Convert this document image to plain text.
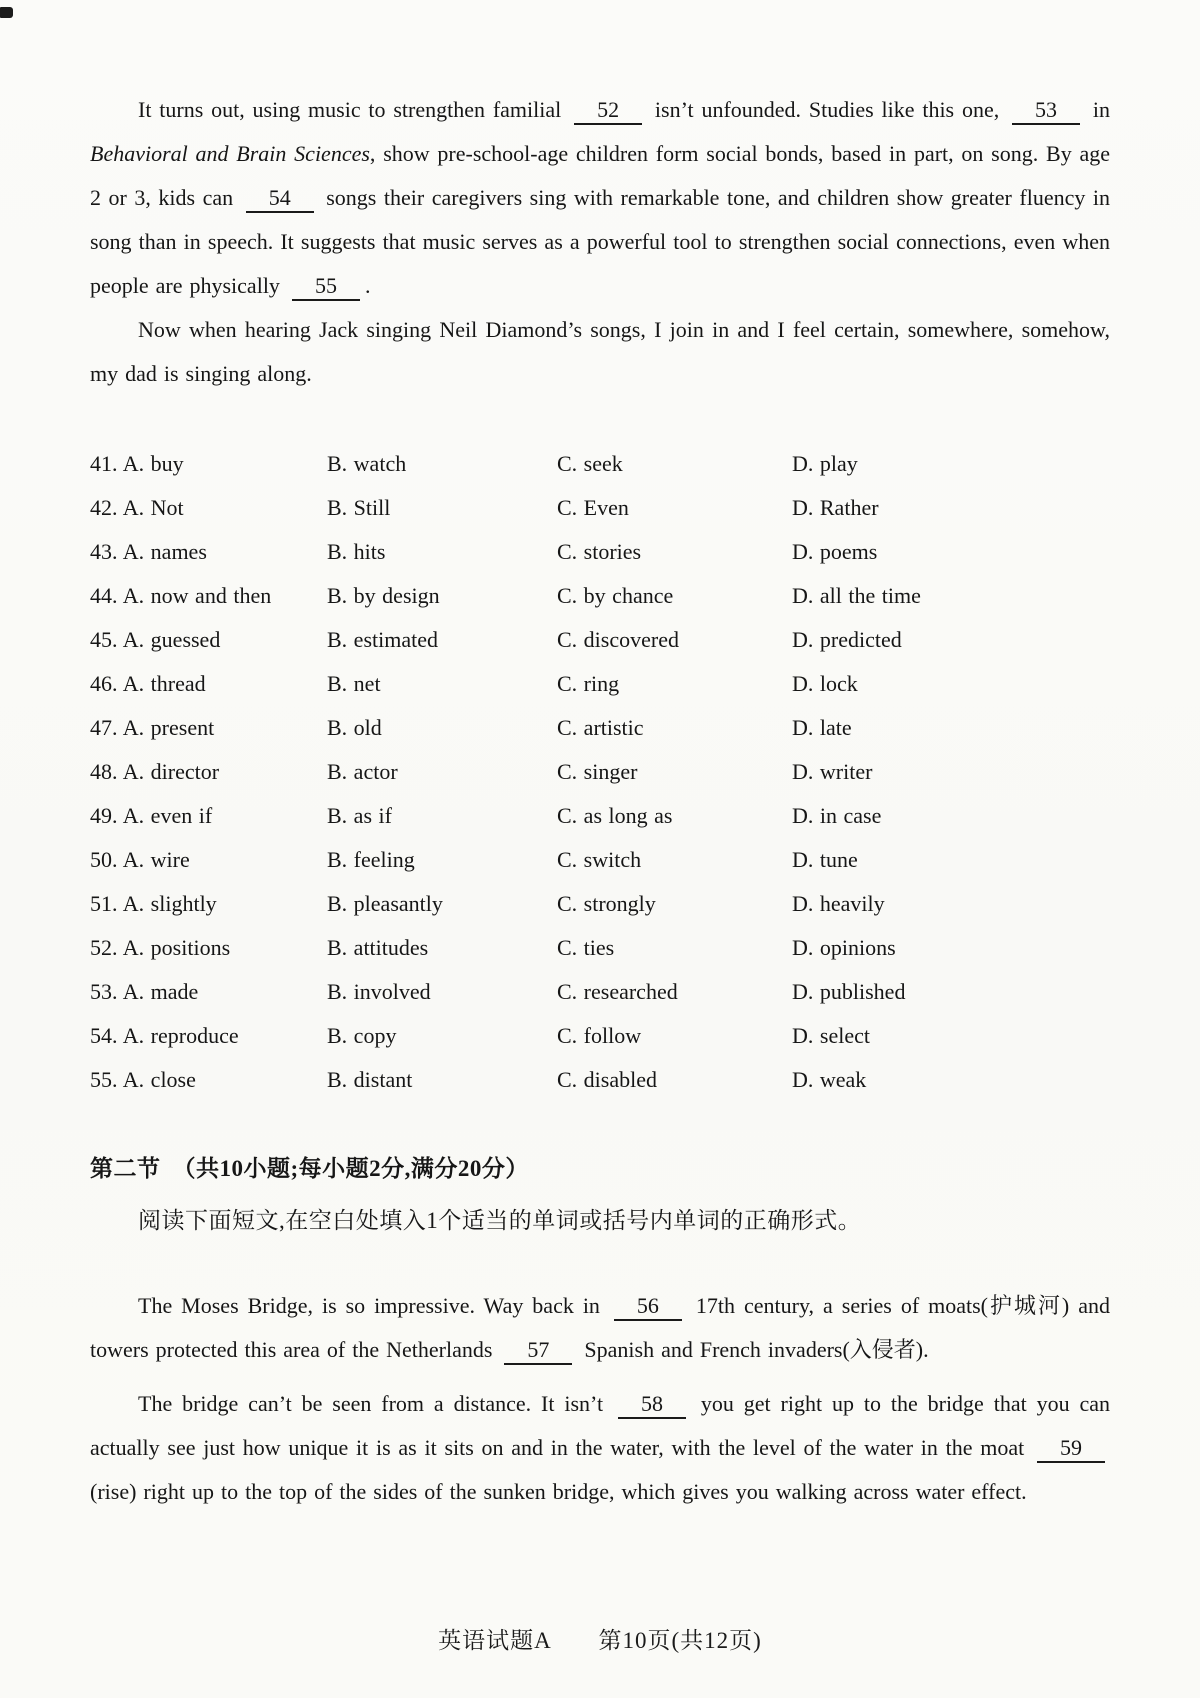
It turns out, using music to strengthen familial 52 isn’t unfounded. Studies like this one, 53 in Behavioral and Brain Sciences, show pre-school-age children form social bonds, based in part, on song. By age 2 or 3, kids can 54 songs their caregivers sing with remarkable tone, and children show greater fluency in song than in speech. It suggests that music serves as a powerful tool to strengthen social connections, even when people are physically 55 .

Now when hearing Jack singing Neil Diamond’s songs, I join in and I feel certain, somewhere, somehow, my dad is singing along.

41. A. buy	B. watch	C. seek	D. play
42. A. Not	B. Still	C. Even	D. Rather
43. A. names	B. hits	C. stories	D. poems
44. A. now and then	B. by design	C. by chance	D. all the time
45. A. guessed	B. estimated	C. discovered	D. predicted
46. A. thread	B. net	C. ring	D. lock
47. A. present	B. old	C. artistic	D. late
48. A. director	B. actor	C. singer	D. writer
49. A. even if	B. as if	C. as long as	D. in case
50. A. wire	B. feeling	C. switch	D. tune
51. A. slightly	B. pleasantly	C. strongly	D. heavily
52. A. positions	B. attitudes	C. ties	D. opinions
53. A. made	B. involved	C. researched	D. published
54. A. reproduce	B. copy	C. follow	D. select
55. A. close	B. distant	C. disabled	D. weak

第二节　（共10小题;每小题2分,满分20分）

阅读下面短文,在空白处填入1个适当的单词或括号内单词的正确形式。

The Moses Bridge, is so impressive. Way back in 56 17th century, a series of moats(护城河) and towers protected this area of the Netherlands 57 Spanish and French invaders(入侵者).

The bridge can’t be seen from a distance. It isn’t 58 you get right up to the bridge that you can actually see just how unique it is as it sits on and in the water, with the level of the water in the moat 59 (rise) right up to the top of the sides of the sunken bridge, which gives you walking across water effect.

英语试题A　　第10页(共12页)
